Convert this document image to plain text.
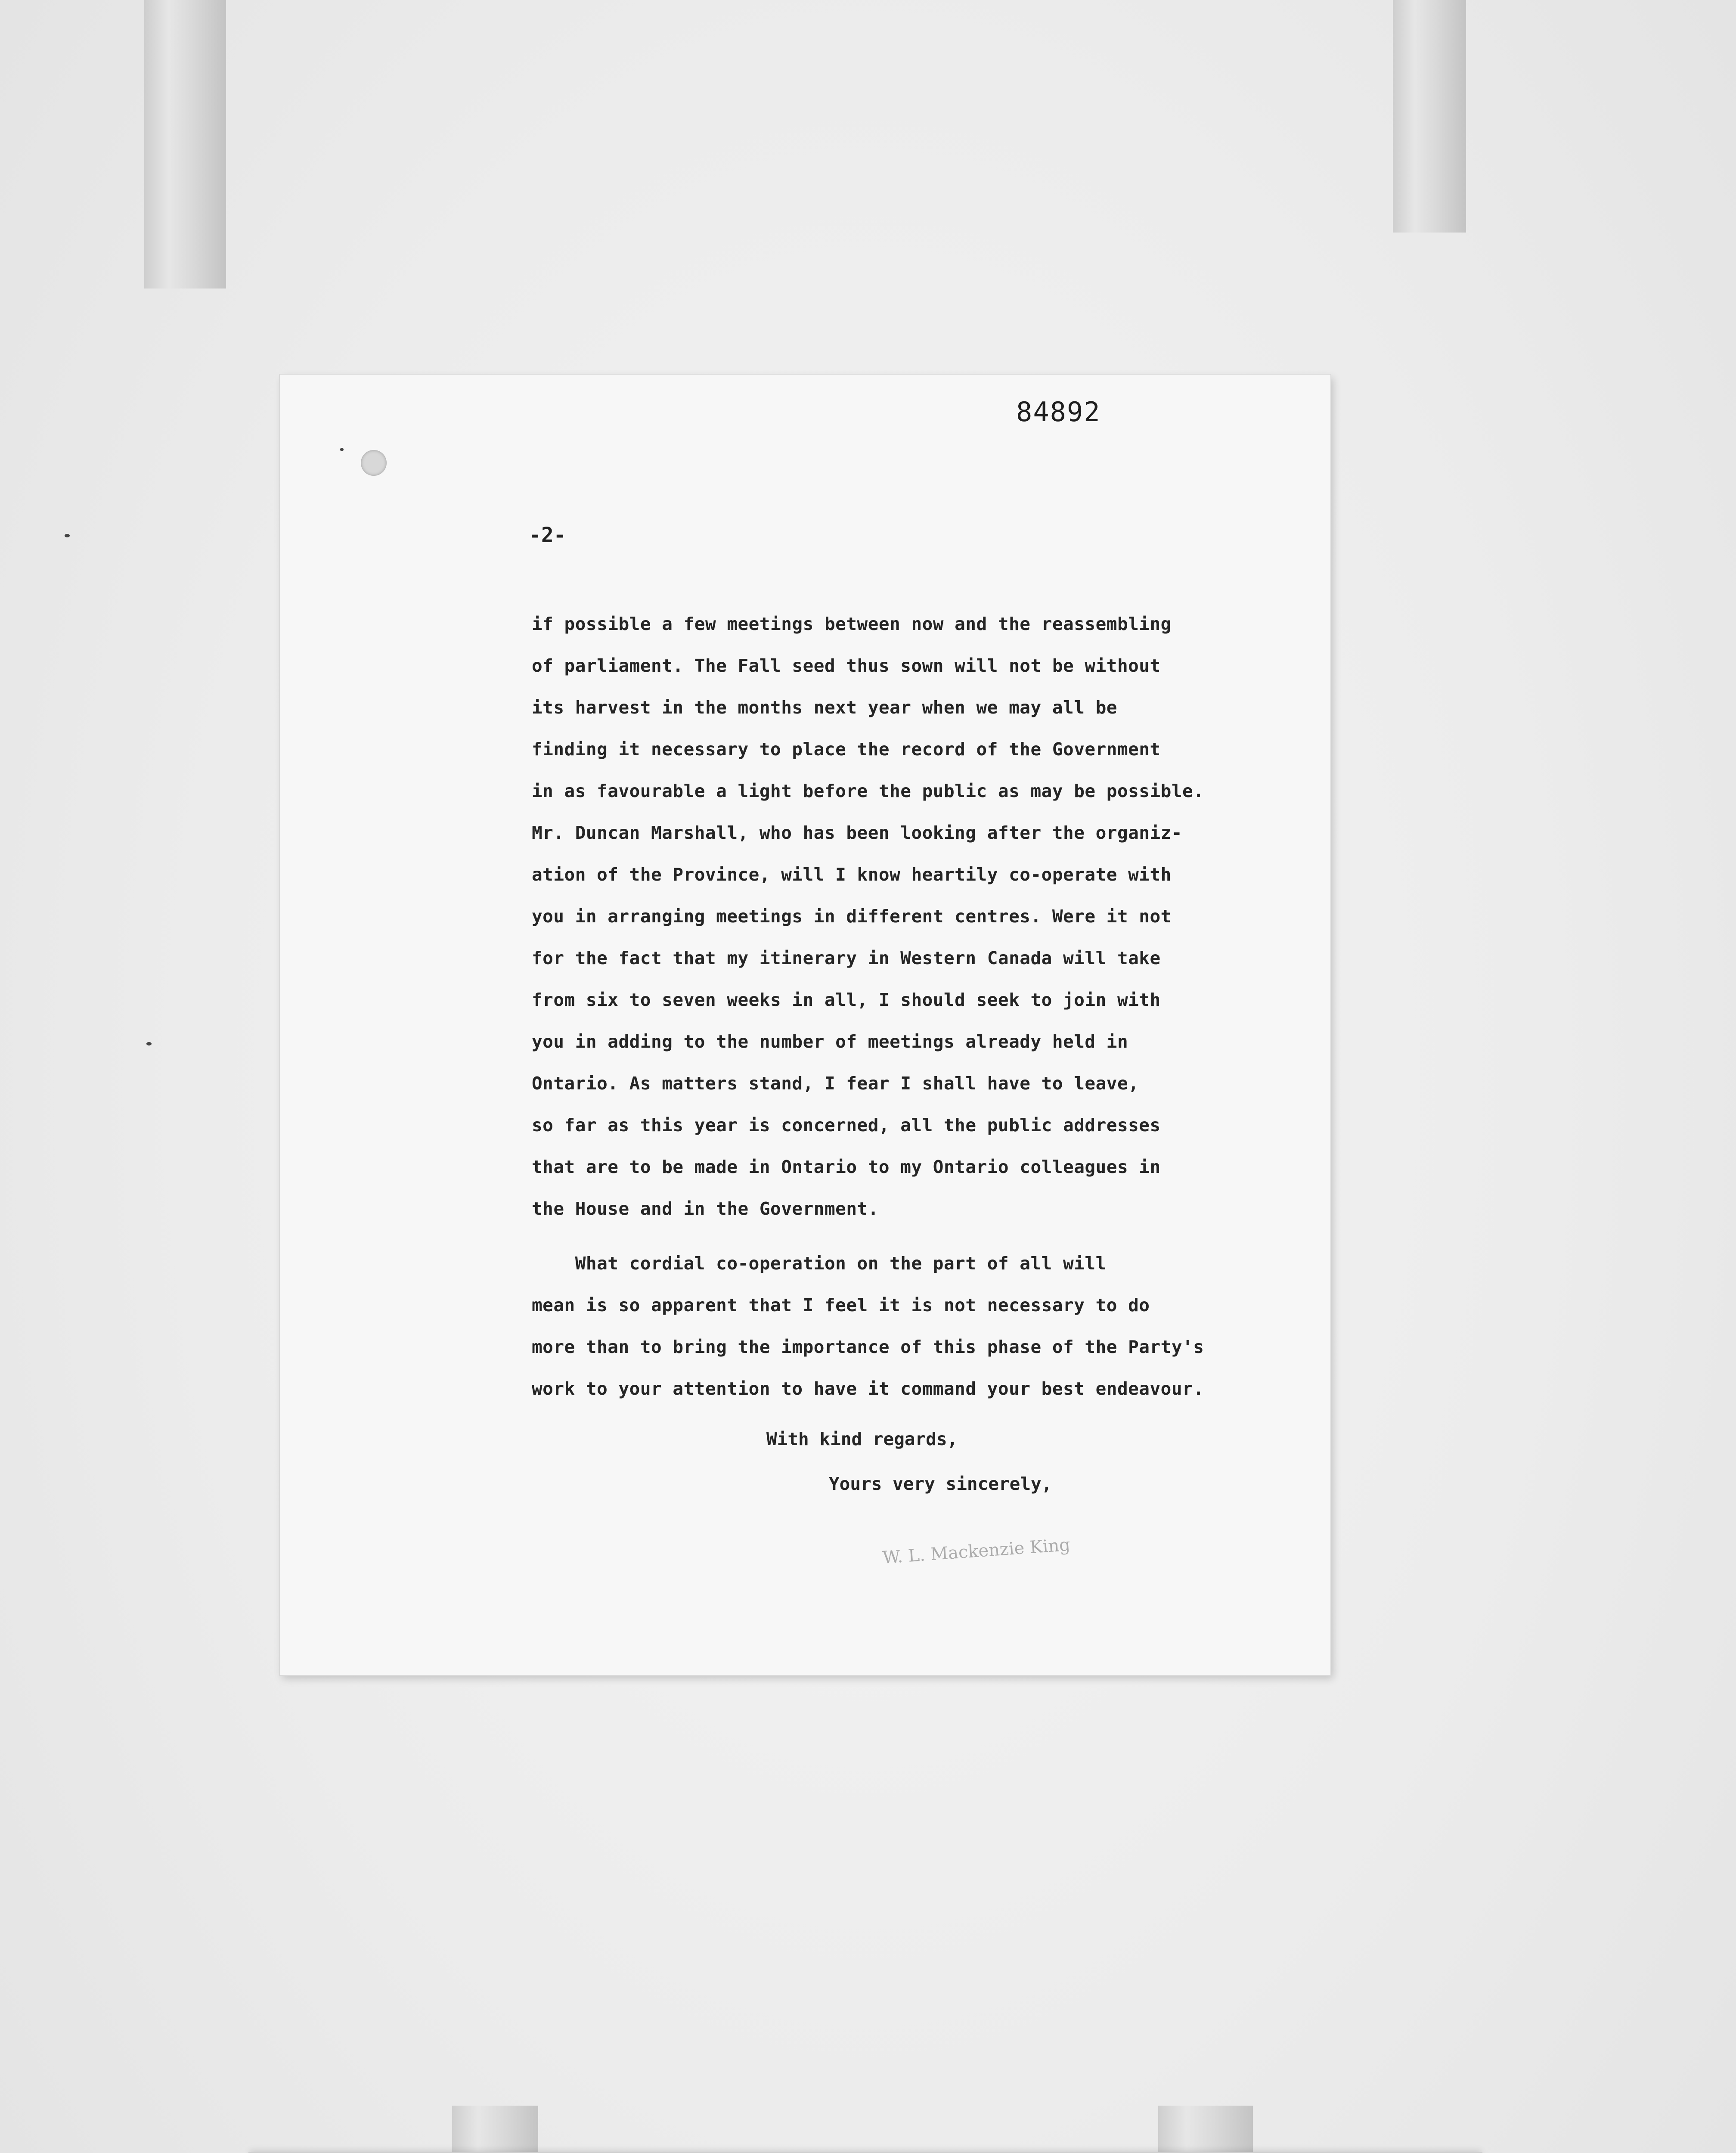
84892
-2-
if possible a few meetings between now and the reassembling
of parliament. The Fall seed thus sown will not be without
its harvest in the months next year when we may all be
finding it necessary to place the record of the Government
in as favourable a light before the public as may be possible.
Mr. Duncan Marshall, who has been looking after the organiz-
ation of the Province, will I know heartily co-operate with
you in arranging meetings in different centres. Were it not
for the fact that my itinerary in Western Canada will take
from six to seven weeks in all, I should seek to join with
you in adding to the number of meetings already held in
Ontario. As matters stand, I fear I shall have to leave,
so far as this year is concerned, all the public addresses
that are to be made in Ontario to my Ontario colleagues in
the House and in the Government.
What cordial co-operation on the part of all will
mean is so apparent that I feel it is not necessary to do
more than to bring the importance of this phase of the Party's
work to your attention to have it command your best endeavour.
With kind regards,
Yours very sincerely,
W. L. Mackenzie King
